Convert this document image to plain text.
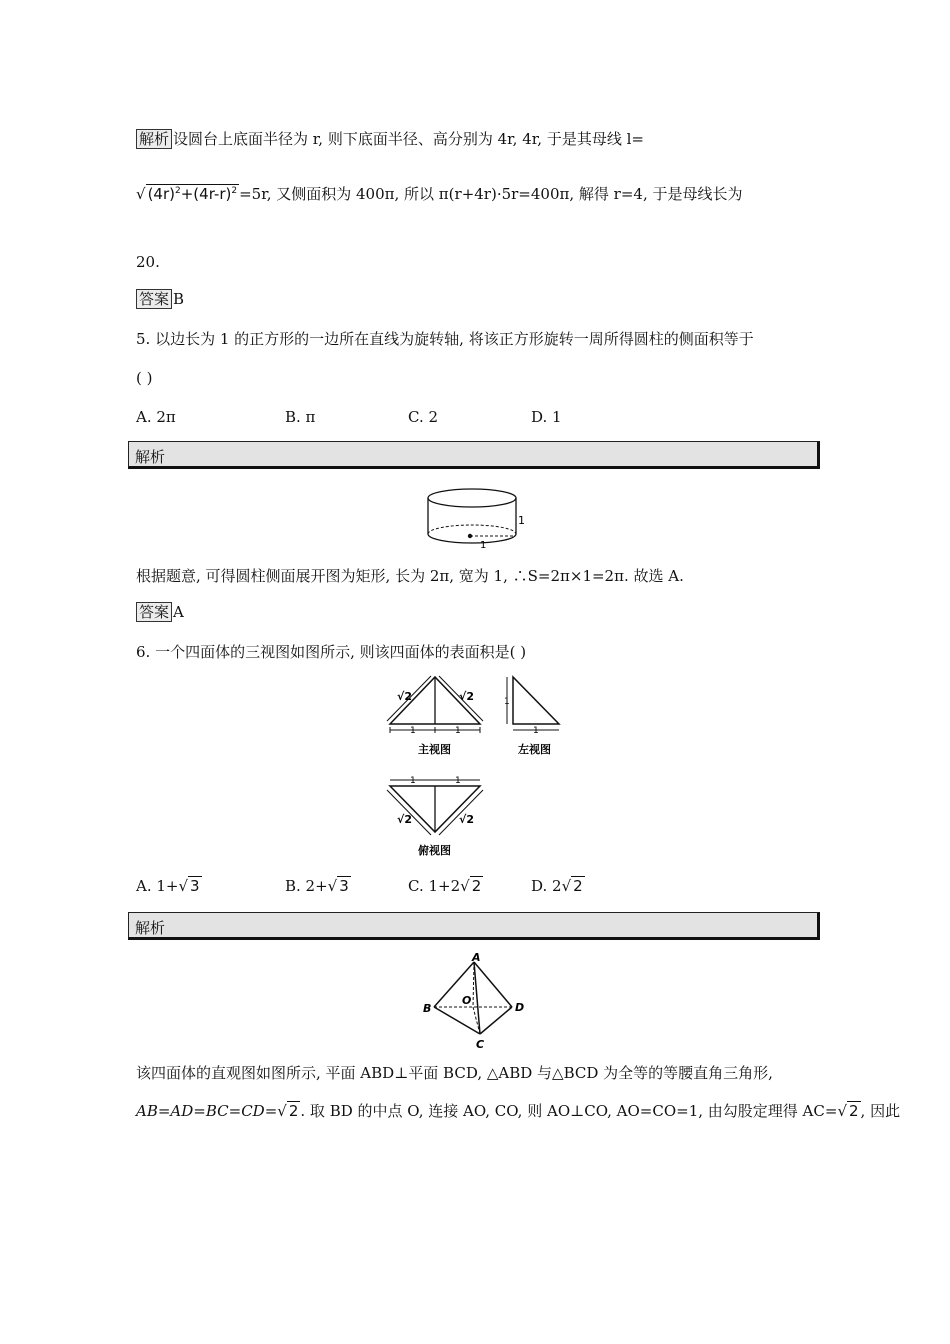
解析 设圆台上底面半径为 r, 则下底面半径、高分别为 4r, 4r, 于是其母线 l=
√ $(4r)^2+(4r-r)^2 =5r$, 又侧面积为 400π, 所以 π(r+4r)·5r=400π, 解得 r=4, 于是母线长为
20.
答案 B
5. 以边长为 1 的正方形的一边所在直线为旋转轴, 将该正方形旋转一周所得圆柱的侧面积等于
( )
A. 2π	B. π	C. 2	D. 1
解析
1
1
根据题意, 可得圆柱侧面展开图为矩形, 长为 2π, 宽为 1, ∴S=2π×1=2π. 故选 A.
答案 A
6. 一个四面体的三视图如图所示, 则该四面体的表面积是( )
√2	√2
1	1
主视图
1
1
左视图
1	1
√2	√2
俯视图
A. 1+√ 3	B. 2+√ 3	C. 1+2√ 2	D. 2√ 2
解析
A
B
O
D
C
该四面体的直观图如图所示, 平面 ABD⊥平面 BCD, △ABD 与△BCD 为全等的等腰直角三角形,
AB=AD=BC=CD=√ 2 . 取 BD 的中点 O, 连接 AO, CO, 则 AO⊥CO, AO=CO=1, 由勾股定理得 AC=√ 2 , 因此
